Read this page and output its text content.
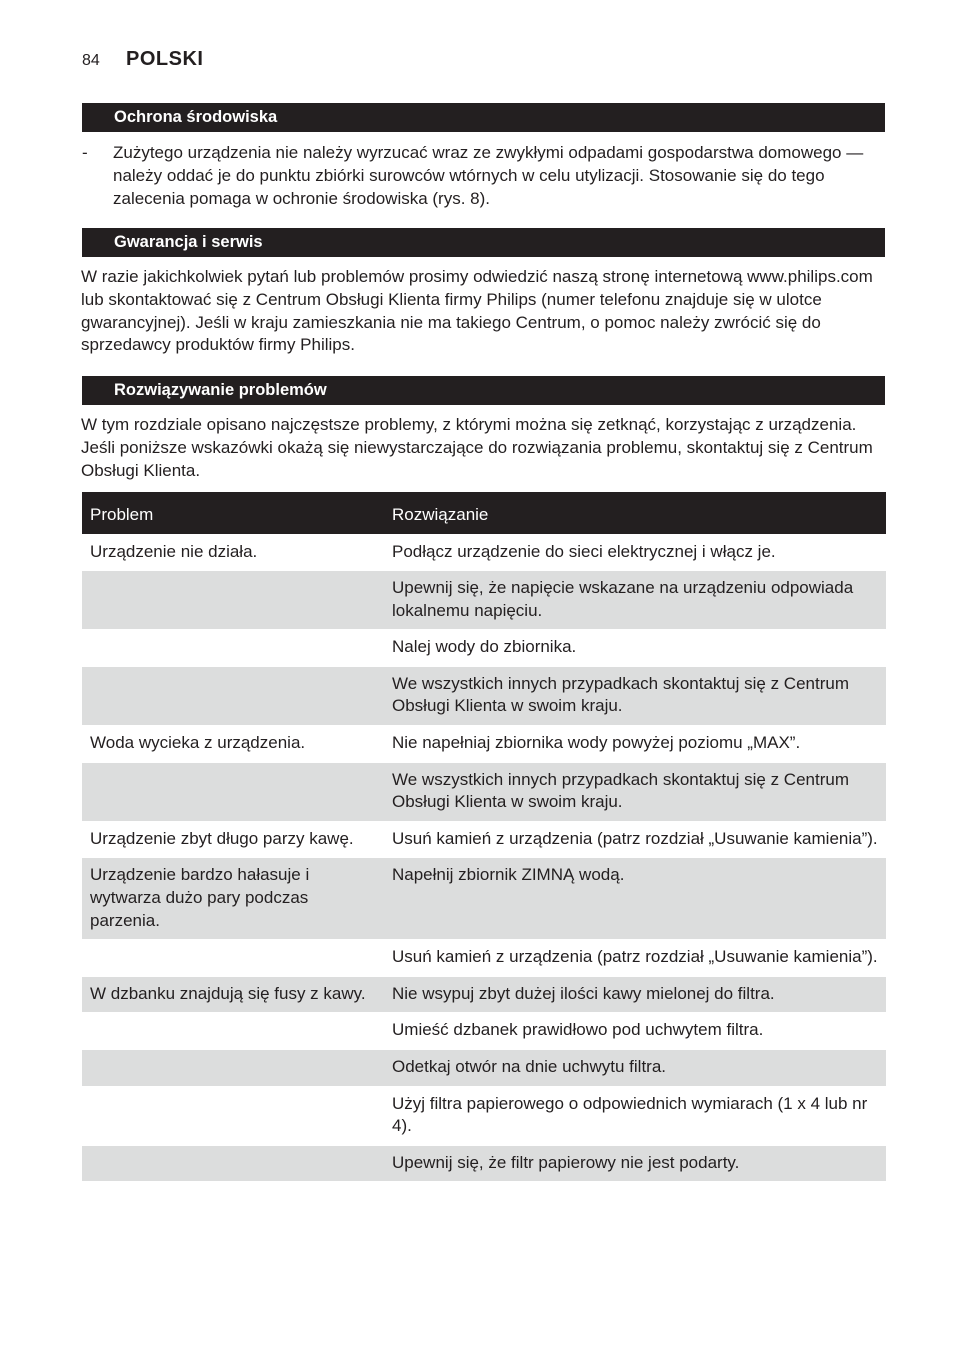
84 POLSKI
Ochrona środowiska
- Zużytego urządzenia nie należy wyrzucać wraz ze zwykłymi odpadami gospodarstwa domowego — należy oddać je do punktu zbiórki surowców wtórnych w celu utylizacji. Stosowanie się do tego zalecenia pomaga w ochronie środowiska (rys. 8).
Gwarancja i serwis

W razie jakichkolwiek pytań lub problemów prosimy odwiedzić naszą stronę internetową www.philips.com lub skontaktować się z Centrum Obsługi Klienta firmy Philips (numer telefonu znajduje się w ulotce gwarancyjnej). Jeśli w kraju zamieszkania nie ma takiego Centrum, o pomoc należy zwrócić się do sprzedawcy produktów firmy Philips.

Rozwiązywanie problemów

W tym rozdziale opisano najczęstsze problemy, z którymi można się zetknąć, korzystając z urządzenia. Jeśli poniższe wskazówki okażą się niewystarczające do rozwiązania problemu, skontaktuj się z Centrum Obsługi Klienta.

Problem	Rozwiązanie
Urządzenie nie działa.	Podłącz urządzenie do sieci elektrycznej i włącz je.
	Upewnij się, że napięcie wskazane na urządzeniu odpowiada lokalnemu napięciu.
	Nalej wody do zbiornika.
	We wszystkich innych przypadkach skontaktuj się z Centrum Obsługi Klienta w swoim kraju.
Woda wycieka z urządzenia.	Nie napełniaj zbiornika wody powyżej poziomu „MAX”.
	We wszystkich innych przypadkach skontaktuj się z Centrum Obsługi Klienta w swoim kraju.
Urządzenie zbyt długo parzy kawę.	Usuń kamień z urządzenia (patrz rozdział „Usuwanie kamienia”).
Urządzenie bardzo hałasuje i wytwarza dużo pary podczas parzenia.	Napełnij zbiornik ZIMNĄ wodą.
	Usuń kamień z urządzenia (patrz rozdział „Usuwanie kamienia”).
W dzbanku znajdują się fusy z kawy.	Nie wsypuj zbyt dużej ilości kawy mielonej do filtra.
	Umieść dzbanek prawidłowo pod uchwytem filtra.
	Odetkaj otwór na dnie uchwytu filtra.
	Użyj filtra papierowego o odpowiednich wymiarach (1 x 4 lub nr 4).
	Upewnij się, że filtr papierowy nie jest podarty.
